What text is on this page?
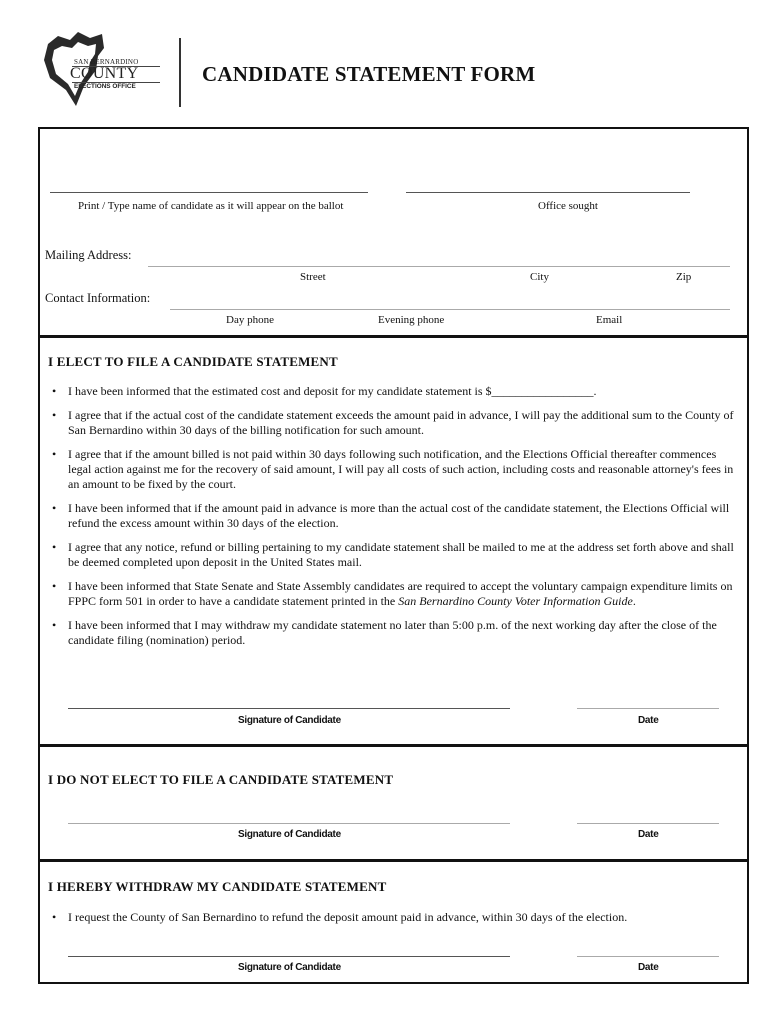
SAN BERNARDINO
COUNTY
ELECTIONS OFFICE
CANDIDATE STATEMENT FORM
Print / Type name of candidate as it will appear on the ballot	Office sought
Mailing Address:
Street	City	Zip
Contact Information:
Day phone	Evening phone	Email
I ELECT TO FILE A CANDIDATE STATEMENT
• I have been informed that the estimated cost and deposit for my candidate statement is $_________________.
• I agree that if the actual cost of the candidate statement exceeds the amount paid in advance, I will pay the additional sum to the County of San Bernardino within 30 days of the billing notification for such amount.
• I agree that if the amount billed is not paid within 30 days following such notification, and the Elections Official thereafter commences legal action against me for the recovery of said amount, I will pay all costs of such action, including costs and reasonable attorney's fees in an amount to be fixed by the court.
• I have been informed that if the amount paid in advance is more than the actual cost of the candidate statement, the Elections Official will refund the excess amount within 30 days of the election.
• I agree that any notice, refund or billing pertaining to my candidate statement shall be mailed to me at the address set forth above and shall be deemed completed upon deposit in the United States mail.
• I have been informed that State Senate and State Assembly candidates are required to accept the voluntary campaign expenditure limits on FPPC form 501 in order to have a candidate statement printed in the San Bernardino County Voter Information Guide.
• I have been informed that I may withdraw my candidate statement no later than 5:00 p.m. of the next working day after the close of the candidate filing (nomination) period.
Signature of Candidate	Date
I DO NOT ELECT TO FILE A CANDIDATE STATEMENT
Signature of Candidate	Date
I HEREBY WITHDRAW MY CANDIDATE STATEMENT
• I request the County of San Bernardino to refund the deposit amount paid in advance, within 30 days of the election.
Signature of Candidate	Date
